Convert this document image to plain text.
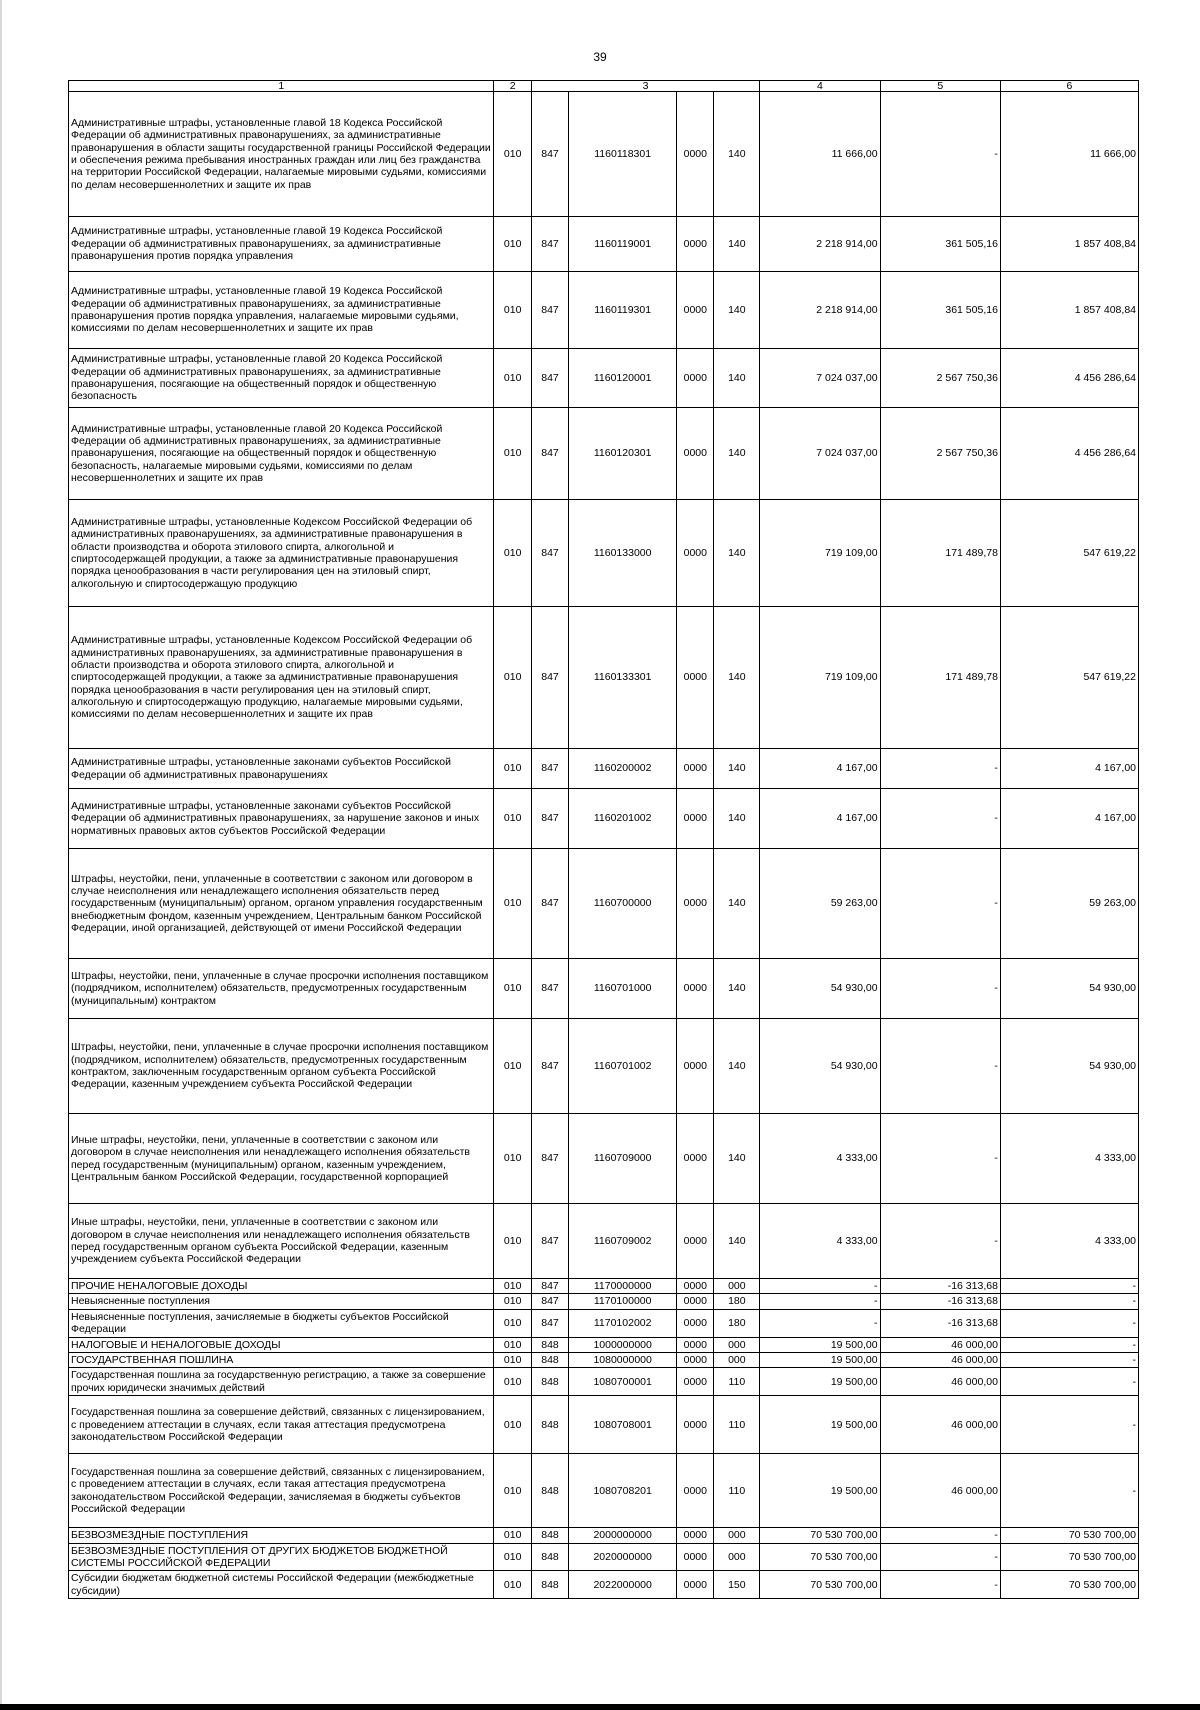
39
1	2	3				4	5	6
Административные штрафы, установленные главой 18 Кодекса Российской Федерации об административных правонарушениях, за административные правонарушения в области защиты государственной границы Российской Федерации и обеспечения режима пребывания иностранных граждан или лиц без гражданства на территории Российской Федерации, налагаемые мировыми судьями, комиссиями по делам несовершеннолетних и защите их прав	010	847	1160118301	0000	140	11 666,00	-	11 666,00
Административные штрафы, установленные главой 19 Кодекса Российской Федерации об административных правонарушениях, за административные правонарушения против порядка управления	010	847	1160119001	0000	140	2 218 914,00	361 505,16	1 857 408,84
Административные штрафы, установленные главой 19 Кодекса Российской Федерации об административных правонарушениях, за административные правонарушения против порядка управления, налагаемые мировыми судьями, комиссиями по делам несовершеннолетних и защите их прав	010	847	1160119301	0000	140	2 218 914,00	361 505,16	1 857 408,84
Административные штрафы, установленные главой 20 Кодекса Российской Федерации об административных правонарушениях, за административные правонарушения, посягающие на общественный порядок и общественную безопасность	010	847	1160120001	0000	140	7 024 037,00	2 567 750,36	4 456 286,64
Административные штрафы, установленные главой 20 Кодекса Российской Федерации об административных правонарушениях, за административные правонарушения, посягающие на общественный порядок и общественную безопасность, налагаемые мировыми судьями, комиссиями по делам несовершеннолетних и защите их прав	010	847	1160120301	0000	140	7 024 037,00	2 567 750,36	4 456 286,64
Административные штрафы, установленные Кодексом Российской Федерации об административных правонарушениях, за административные правонарушения в области производства и оборота этилового спирта, алкогольной и спиртосодержащей продукции, а также за административные правонарушения порядка ценообразования в части регулирования цен на этиловый спирт, алкогольную и спиртосодержащую продукцию	010	847	1160133000	0000	140	719 109,00	171 489,78	547 619,22
Административные штрафы, установленные Кодексом Российской Федерации об административных правонарушениях, за административные правонарушения в области производства и оборота этилового спирта, алкогольной и спиртосодержащей продукции, а также за административные правонарушения порядка ценообразования в части регулирования цен на этиловый спирт, алкогольную и спиртосодержащую продукцию, налагаемые мировыми судьями, комиссиями по делам несовершеннолетних и защите их прав	010	847	1160133301	0000	140	719 109,00	171 489,78	547 619,22
Административные штрафы, установленные законами субъектов Российской Федерации об административных правонарушениях	010	847	1160200002	0000	140	4 167,00	-	4 167,00
Административные штрафы, установленные законами субъектов Российской Федерации об административных правонарушениях, за нарушение законов и иных нормативных правовых актов субъектов Российской Федерации	010	847	1160201002	0000	140	4 167,00	-	4 167,00
Штрафы, неустойки, пени, уплаченные в соответствии с законом или договором в случае неисполнения или ненадлежащего исполнения обязательств перед государственным (муниципальным) органом, органом управления государственным внебюджетным фондом, казенным учреждением, Центральным банком Российской Федерации, иной организацией, действующей от имени Российской Федерации	010	847	1160700000	0000	140	59 263,00	-	59 263,00
Штрафы, неустойки, пени, уплаченные в случае просрочки исполнения поставщиком (подрядчиком, исполнителем) обязательств, предусмотренных государственным (муниципальным) контрактом	010	847	1160701000	0000	140	54 930,00	-	54 930,00
Штрафы, неустойки, пени, уплаченные в случае просрочки исполнения поставщиком (подрядчиком, исполнителем) обязательств, предусмотренных государственным контрактом, заключенным государственным органом субъекта Российской Федерации, казенным учреждением субъекта Российской Федерации	010	847	1160701002	0000	140	54 930,00	-	54 930,00
Иные штрафы, неустойки, пени, уплаченные в соответствии с законом или договором в случае неисполнения или ненадлежащего исполнения обязательств перед государственным (муниципальным) органом, казенным учреждением, Центральным банком Российской Федерации, государственной корпорацией	010	847	1160709000	0000	140	4 333,00	-	4 333,00
Иные штрафы, неустойки, пени, уплаченные в соответствии с законом или договором в случае неисполнения или ненадлежащего исполнения обязательств перед государственным органом субъекта Российской Федерации, казенным учреждением субъекта Российской Федерации	010	847	1160709002	0000	140	4 333,00	-	4 333,00
ПРОЧИЕ НЕНАЛОГОВЫЕ ДОХОДЫ	010	847	1170000000	0000	000	-	-16 313,68	-
Невыясненные поступления	010	847	1170100000	0000	180	-	-16 313,68	-
Невыясненные поступления, зачисляемые в бюджеты субъектов Российской Федерации	010	847	1170102002	0000	180	-	-16 313,68	-
НАЛОГОВЫЕ И НЕНАЛОГОВЫЕ ДОХОДЫ	010	848	1000000000	0000	000	19 500,00	46 000,00	-
ГОСУДАРСТВЕННАЯ ПОШЛИНА	010	848	1080000000	0000	000	19 500,00	46 000,00	-
Государственная пошлина за государственную регистрацию, а также за совершение прочих юридически значимых действий	010	848	1080700001	0000	110	19 500,00	46 000,00	-
Государственная пошлина за совершение действий, связанных с лицензированием, с проведением аттестации в случаях, если такая аттестация предусмотрена законодательством Российской Федерации	010	848	1080708001	0000	110	19 500,00	46 000,00	-
Государственная пошлина за совершение действий, связанных с лицензированием, с проведением аттестации в случаях, если такая аттестация предусмотрена законодательством Российской Федерации, зачисляемая в бюджеты субъектов Российской Федерации	010	848	1080708201	0000	110	19 500,00	46 000,00	-
БЕЗВОЗМЕЗДНЫЕ ПОСТУПЛЕНИЯ	010	848	2000000000	0000	000	70 530 700,00	-	70 530 700,00
БЕЗВОЗМЕЗДНЫЕ ПОСТУПЛЕНИЯ ОТ ДРУГИХ БЮДЖЕТОВ БЮДЖЕТНОЙ СИСТЕМЫ РОССИЙСКОЙ ФЕДЕРАЦИИ	010	848	2020000000	0000	000	70 530 700,00	-	70 530 700,00
Субсидии бюджетам бюджетной системы Российской Федерации (межбюджетные субсидии)	010	848	2022000000	0000	150	70 530 700,00	-	70 530 700,00
